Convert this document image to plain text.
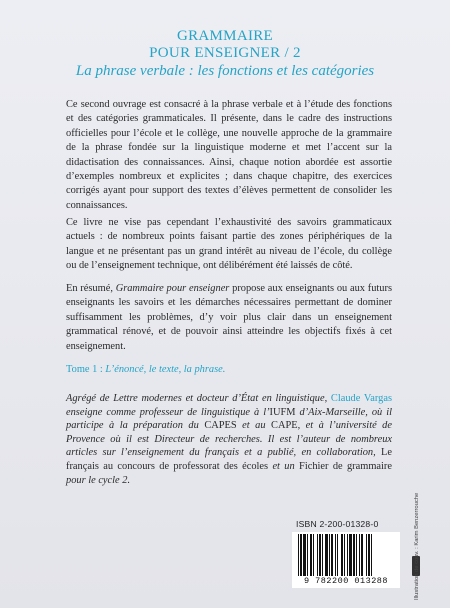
GRAMMAIRE
POUR ENSEIGNER / 2
La phrase verbale : les fonctions et les catégories

Ce second ouvrage est consacré à la phrase verbale et à l’étude des fonctions et des catégories grammaticales. Il présente, dans le cadre des instructions officielles pour l’école et le collège, une nouvelle approche de la grammaire de la phrase fondée sur la linguistique moderne et met l’accent sur la didactisation des connaissances. Ainsi, chaque notion abordée est assortie d’exemples nombreux et explicites ; dans chaque chapitre, des exercices corrigés ayant pour support des textes d’élèves permettent de consolider les connaissances.

Ce livre ne vise pas cependant l’exhaustivité des savoirs grammaticaux actuels : de nombreux points faisant partie des zones périphériques de la langue et ne présentant pas un grand intérêt au niveau de l’école, du collège ou de l’enseignement technique, ont délibérément été laissés de côté.

En résumé, Grammaire pour enseigner propose aux enseignants ou aux futurs enseignants les savoirs et les démarches nécessaires permettant de dominer suffisamment les problèmes, d’y voir plus clair dans un enseignement grammatical rénové, et de pouvoir ainsi atteindre les objectifs fixés à cet enseignement.

Tome 1 : L’énoncé, le texte, la phrase.

Agrégé de Lettre modernes et docteur d’État en linguistique, Claude Vargas enseigne comme professeur de linguistique à l’IUFM d’Aix-Marseille, où il participe à la préparation du CAPES et au CAPE, et à l’université de Provence où il est Directeur de recherches. Il est l’auteur de nombreux articles sur l’enseignement du français et a publié, en collaboration, Le français au concours de professorat des écoles et un Fichier de grammaire pour le cycle 2.

ISBN 2-200-01328-0
9 782200 013288	Illustration de couv. : Karim Benzerrouche
